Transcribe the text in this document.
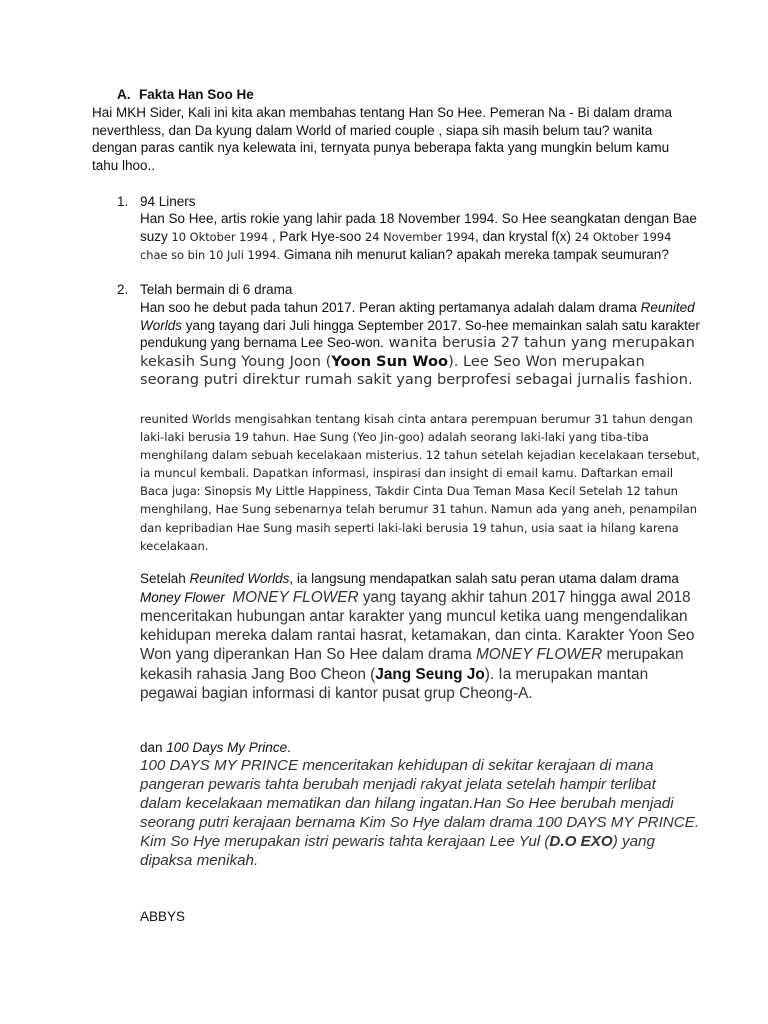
A. Fakta Han Soo He
Hai MKH Sider, Kali ini kita akan membahas tentang Han So Hee. Pemeran Na - Bi dalam drama neverthless, dan Da kyung dalam World of maried couple , siapa sih masih belum tau? wanita dengan paras cantik nya kelewata ini, ternyata punya beberapa fakta yang mungkin belum kamu tahu lhoo..
1. 94 Liners
Han So Hee, artis rokie yang lahir pada 18 November 1994. So Hee seangkatan dengan Bae suzy 10 Oktober 1994 , Park Hye-soo 24 November 1994, dan krystal f(x) 24 Oktober 1994 chae so bin 10 Juli 1994. Gimana nih menurut kalian? apakah mereka tampak seumuran?
2. Telah bermain di 6 drama
Han soo he debut pada tahun 2017. Peran akting pertamanya adalah dalam drama Reunited Worlds yang tayang dari Juli hingga September 2017. So-hee memainkan salah satu karakter pendukung yang bernama Lee Seo-won. wanita berusia 27 tahun yang merupakan kekasih Sung Young Joon (Yoon Sun Woo). Lee Seo Won merupakan seorang putri direktur rumah sakit yang berprofesi sebagai jurnalis fashion.
reunited Worlds mengisahkan tentang kisah cinta antara perempuan berumur 31 tahun dengan laki-laki berusia 19 tahun. Hae Sung (Yeo Jin-goo) adalah seorang laki-laki yang tiba-tiba menghilang dalam sebuah kecelakaan misterius. 12 tahun setelah kejadian kecelakaan tersebut, ia muncul kembali. Dapatkan informasi, inspirasi dan insight di email kamu. Daftarkan email Baca juga: Sinopsis My Little Happiness, Takdir Cinta Dua Teman Masa Kecil Setelah 12 tahun menghilang, Hae Sung sebenarnya telah berumur 31 tahun. Namun ada yang aneh, penampilan dan kepribadian Hae Sung masih seperti laki-laki berusia 19 tahun, usia saat ia hilang karena kecelakaan.
Setelah Reunited Worlds, ia langsung mendapatkan salah satu peran utama dalam drama Money Flower MONEY FLOWER yang tayang akhir tahun 2017 hingga awal 2018 menceritakan hubungan antar karakter yang muncul ketika uang mengendalikan kehidupan mereka dalam rantai hasrat, ketamakan, dan cinta. Karakter Yoon Seo Won yang diperankan Han So Hee dalam drama MONEY FLOWER merupakan kekasih rahasia Jang Boo Cheon (Jang Seung Jo). Ia merupakan mantan pegawai bagian informasi di kantor pusat grup Cheong-A.
dan 100 Days My Prince.
100 DAYS MY PRINCE menceritakan kehidupan di sekitar kerajaan di mana pangeran pewaris tahta berubah menjadi rakyat jelata setelah hampir terlibat dalam kecelakaan mematikan dan hilang ingatan.Han So Hee berubah menjadi seorang putri kerajaan bernama Kim So Hye dalam drama 100 DAYS MY PRINCE. Kim So Hye merupakan istri pewaris tahta kerajaan Lee Yul (D.O EXO) yang dipaksa menikah.
ABBYS
